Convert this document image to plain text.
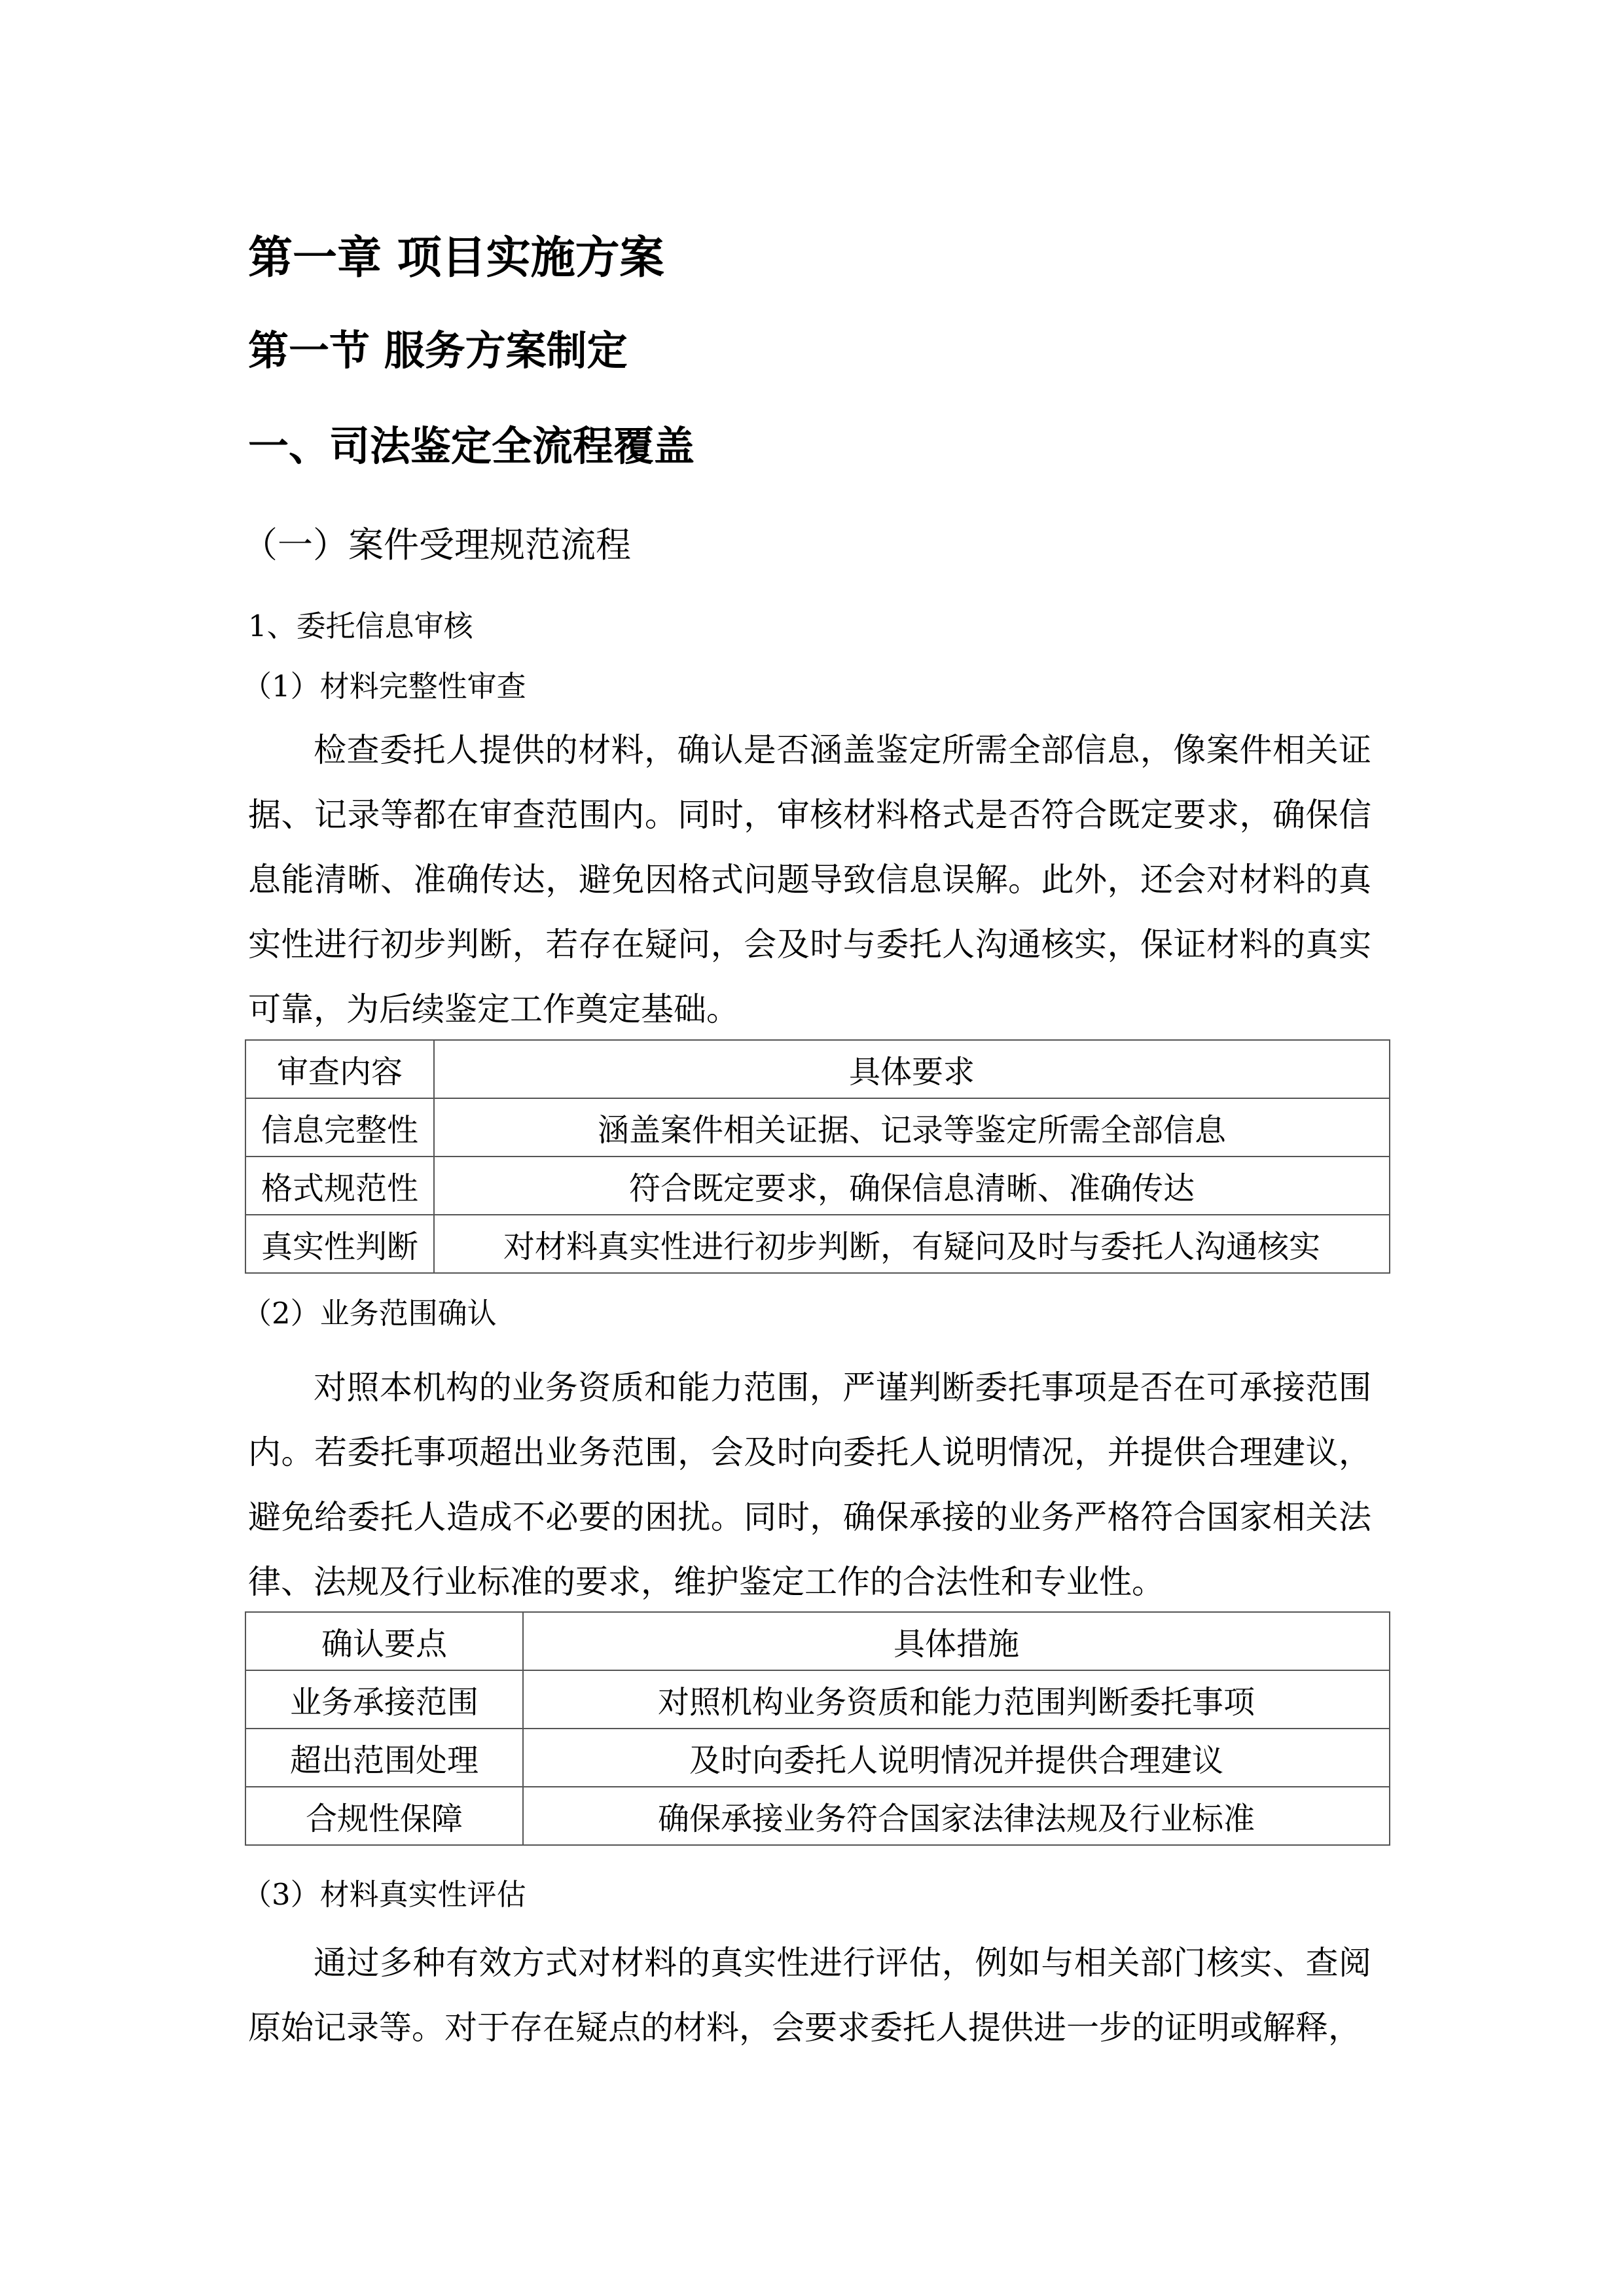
第一章 项目实施方案
第一节 服务方案制定
一、司法鉴定全流程覆盖
（一）案件受理规范流程
1、委托信息审核
（1）材料完整性审查
检查委托人提供的材料，确认是否涵盖鉴定所需全部信息，像案件相关证据、记录等都在审查范围内。同时，审核材料格式是否符合既定要求，确保信息能清晰、准确传达，避免因格式问题导致信息误解。此外，还会对材料的真实性进行初步判断，若存在疑问，会及时与委托人沟通核实，保证材料的真实可靠，为后续鉴定工作奠定基础。
审查内容	具体要求
信息完整性	涵盖案件相关证据、记录等鉴定所需全部信息
格式规范性	符合既定要求，确保信息清晰、准确传达
真实性判断	对材料真实性进行初步判断，有疑问及时与委托人沟通核实
（2）业务范围确认
对照本机构的业务资质和能力范围，严谨判断委托事项是否在可承接范围内。若委托事项超出业务范围，会及时向委托人说明情况，并提供合理建议，避免给委托人造成不必要的困扰。同时，确保承接的业务严格符合国家相关法律、法规及行业标准的要求，维护鉴定工作的合法性和专业性。
确认要点	具体措施
业务承接范围	对照机构业务资质和能力范围判断委托事项
超出范围处理	及时向委托人说明情况并提供合理建议
合规性保障	确保承接业务符合国家法律法规及行业标准
（3）材料真实性评估
通过多种有效方式对材料的真实性进行评估，例如与相关部门核实、查阅原始记录等。对于存在疑点的材料，会要求委托人提供进一步的证明或解释，
